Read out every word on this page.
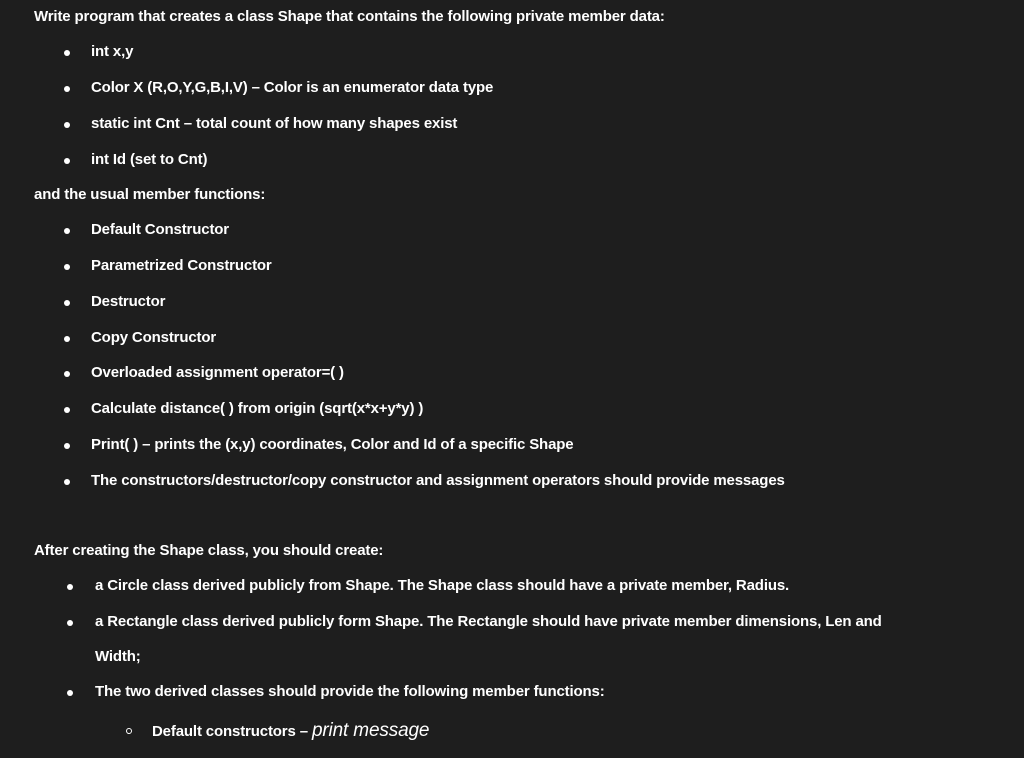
Write program that creates a class Shape that contains the following private member data:
int x,y
Color X (R,O,Y,G,B,I,V) – Color is an enumerator data type
static int Cnt – total count of how many shapes exist
int Id (set to Cnt)
and the usual member functions:
Default Constructor
Parametrized Constructor
Destructor
Copy Constructor
Overloaded assignment operator=( )
Calculate distance( ) from origin (sqrt(x*x+y*y) )
Print( ) – prints the (x,y) coordinates, Color and Id of a specific Shape
The constructors/destructor/copy constructor and assignment operators should provide messages
After creating the Shape class, you should create:
a Circle class derived publicly from Shape. The Shape class should have a private member, Radius.
a Rectangle class derived publicly form Shape. The Rectangle should have private member dimensions, Len and
Width;
The two derived classes should provide the following member functions:
Default constructors – print message
